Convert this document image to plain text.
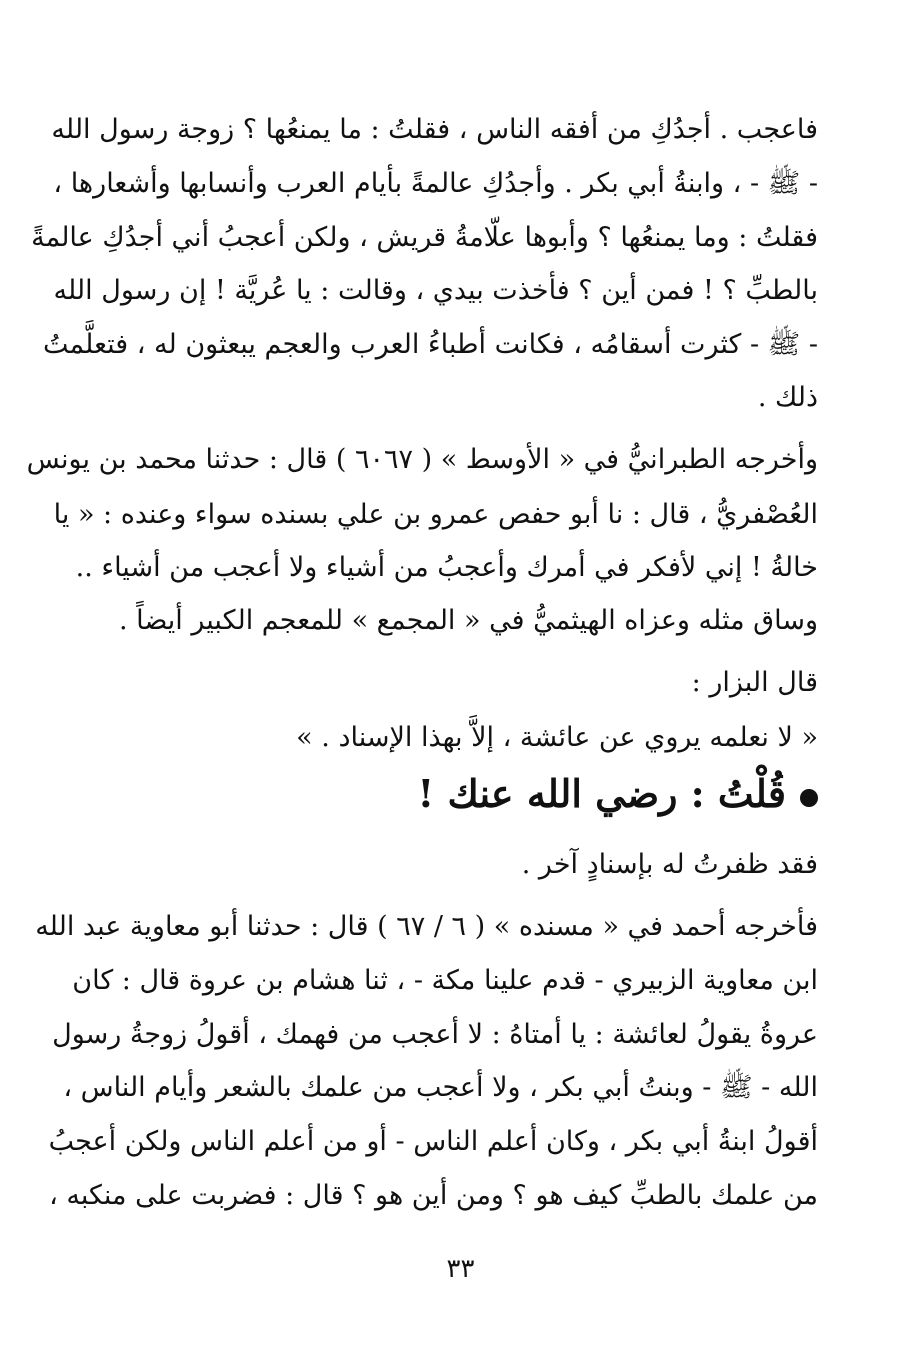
فاعجب . أجدُكِ من أفقه الناس ، فقلتُ : ما يمنعُها ؟ زوجة رسول الله
- ﷺ - ، وابنةُ أبي بكر . وأجدُكِ عالمةً بأيام العرب وأنسابها وأشعارها ،
فقلتُ : وما يمنعُها ؟ وأبوها علّامةُ قريش ، ولكن أعجبُ أني أجدُكِ عالمةً
بالطبِّ ؟ ! فمن أين ؟ فأخذت بيدي ، وقالت : يا عُريَّة ! إن رسول الله
- ﷺ - كثرت أسقامُه ، فكانت أطباءُ العرب والعجم يبعثون له ، فتعلَّمتُ
ذلك .
وأخرجه الطبرانيُّ في « الأوسط » ( ٦٠٦٧ ) قال : حدثنا محمد بن يونس
العُصْفريُّ ، قال : نا أبو حفص عمرو بن علي بسنده سواء وعنده : « يا
خالةُ ! إني لأفكر في أمرك وأعجبُ من أشياء ولا أعجب من أشياء ..
وساق مثله وعزاه الهيثميُّ في « المجمع » للمعجم الكبير أيضاً .
قال البزار :
« لا نعلمه يروي عن عائشة ، إلاَّ بهذا الإسناد . »
قُلْتُ : رضي الله عنك !
فقد ظفرتُ له بإسنادٍ آخر .
فأخرجه أحمد في « مسنده » ( ٦ / ٦٧ ) قال : حدثنا أبو معاوية عبد الله
ابن معاوية الزبيري - قدم علينا مكة - ، ثنا هشام بن عروة قال : كان
عروةُ يقولُ لعائشة : يا أمتاهُ : لا أعجب من فهمك ، أقولُ زوجةُ رسول
الله - ﷺ - وبنتُ أبي بكر ، ولا أعجب من علمك بالشعر وأيام الناس ،
أقولُ ابنةُ أبي بكر ، وكان أعلم الناس - أو من أعلم الناس ولكن أعجبُ
من علمك بالطبِّ كيف هو ؟ ومن أين هو ؟ قال : فضربت على منكبه ،
٣٣
